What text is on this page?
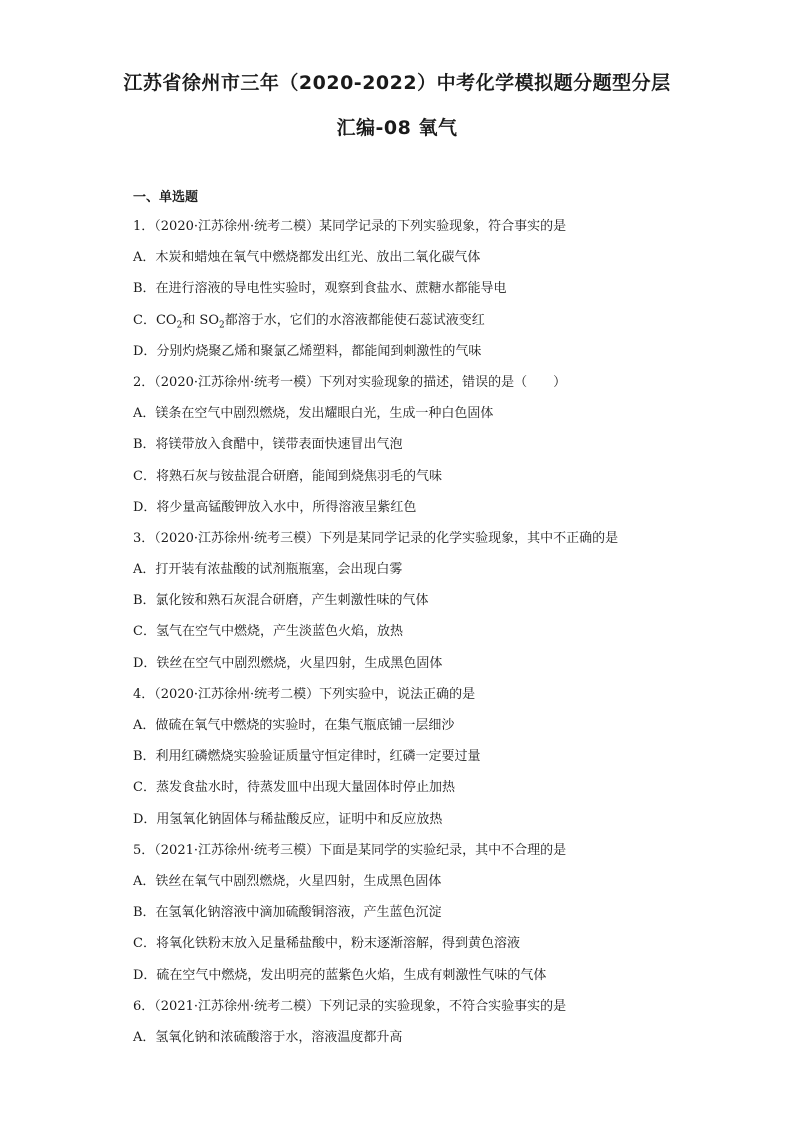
江苏省徐州市三年（2020-2022）中考化学模拟题分题型分层
汇编-08 氧气
一、单选题
1．（2020·江苏徐州·统考二模）某同学记录的下列实验现象，符合事实的是
A．木炭和蜡烛在氧气中燃烧都发出红光、放出二氧化碳气体
B．在进行溶液的导电性实验时，观察到食盐水、蔗糖水都能导电
C．$CO_2$和 $SO_2$都溶于水，它们的水溶液都能使石蕊试液变红
D．分别灼烧聚乙烯和聚氯乙烯塑料，都能闻到刺激性的气味
2．（2020·江苏徐州·统考一模）下列对实验现象的描述，错误的是（　　）
A．镁条在空气中剧烈燃烧，发出耀眼白光，生成一种白色固体
B．将镁带放入食醋中，镁带表面快速冒出气泡
C．将熟石灰与铵盐混合研磨，能闻到烧焦羽毛的气味
D．将少量高锰酸钾放入水中，所得溶液呈紫红色
3．（2020·江苏徐州·统考三模）下列是某同学记录的化学实验现象，其中不正确的是
A．打开装有浓盐酸的试剂瓶瓶塞，会出现白雾
B．氯化铵和熟石灰混合研磨，产生刺激性味的气体
C．氢气在空气中燃烧，产生淡蓝色火焰，放热
D．铁丝在空气中剧烈燃烧，火星四射，生成黑色固体
4．（2020·江苏徐州·统考二模）下列实验中，说法正确的是
A．做硫在氧气中燃烧的实验时，在集气瓶底铺一层细沙
B．利用红磷燃烧实验验证质量守恒定律时，红磷一定要过量
C．蒸发食盐水时，待蒸发皿中出现大量固体时停止加热
D．用氢氧化钠固体与稀盐酸反应，证明中和反应放热
5．（2021·江苏徐州·统考三模）下面是某同学的实验纪录，其中不合理的是
A．铁丝在氧气中剧烈燃烧，火星四射，生成黑色固体
B．在氢氧化钠溶液中滴加硫酸铜溶液，产生蓝色沉淀
C．将氧化铁粉末放入足量稀盐酸中，粉末逐渐溶解，得到黄色溶液
D．硫在空气中燃烧，发出明亮的蓝紫色火焰，生成有刺激性气味的气体
6．（2021·江苏徐州·统考二模）下列记录的实验现象，不符合实验事实的是
A．氢氧化钠和浓硫酸溶于水，溶液温度都升高
